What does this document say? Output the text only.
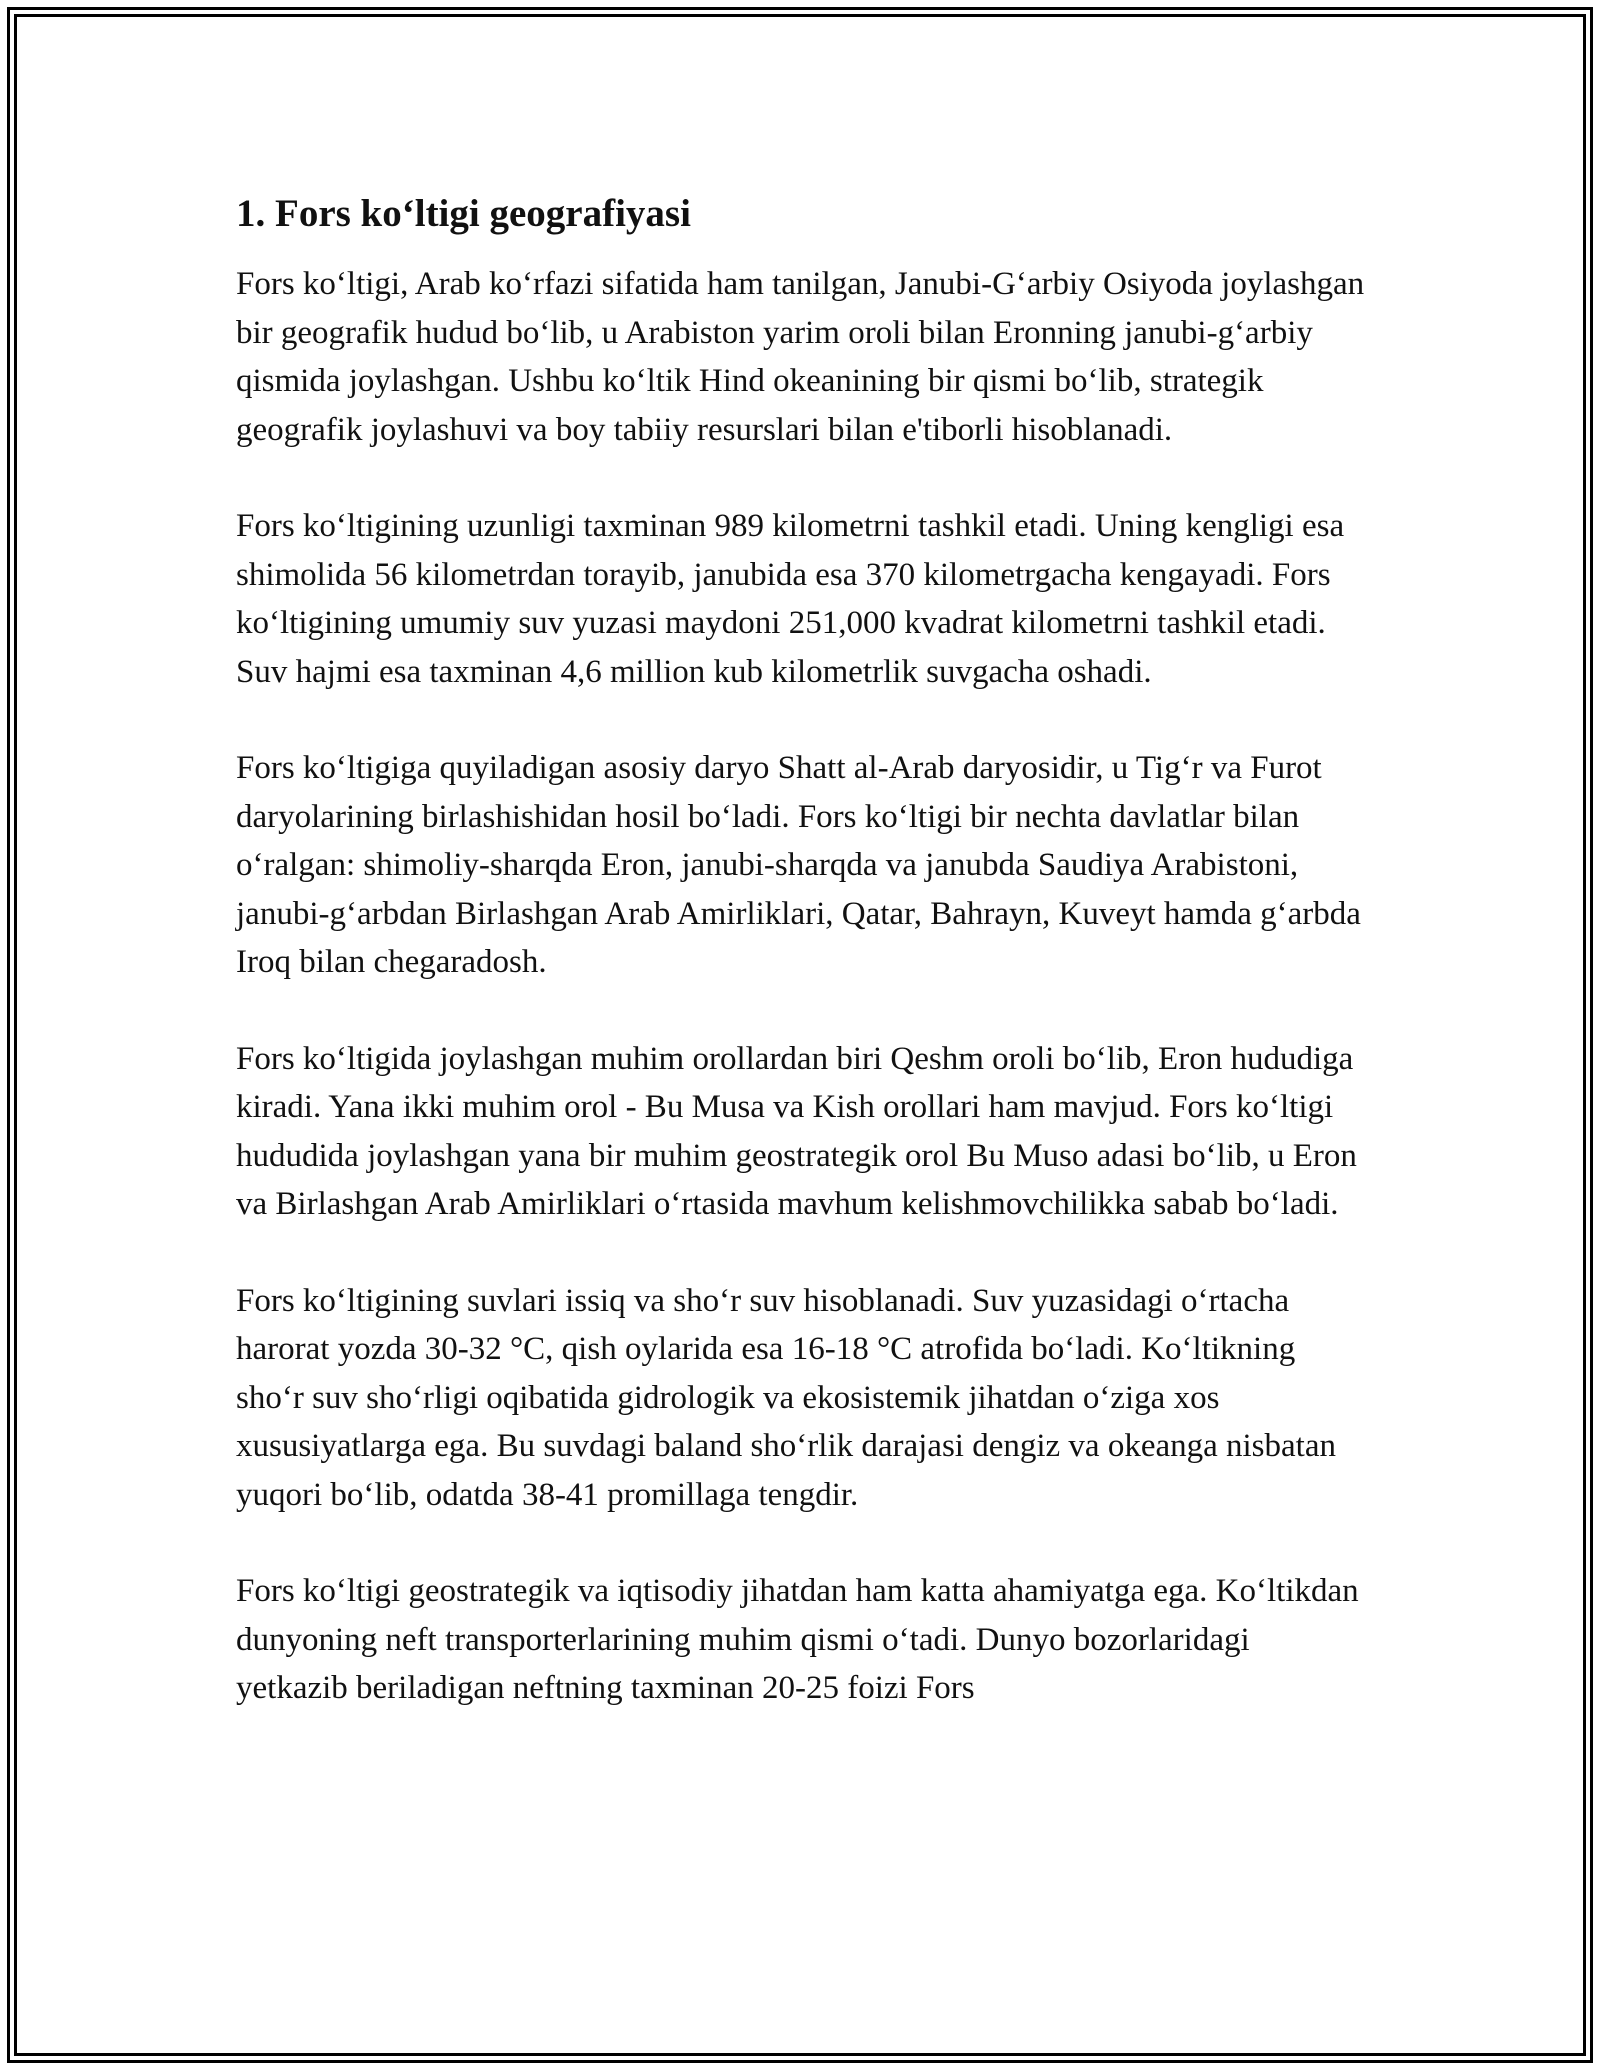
1. Fors ko‘ltigi geografiyasi

Fors ko‘ltigi, Arab ko‘rfazi sifatida ham tanilgan, Janubi-G‘arbiy Osiyoda joylashgan bir geografik hudud bo‘lib, u Arabiston yarim oroli bilan Eronning janubi-g‘arbiy qismida joylashgan. Ushbu ko‘ltik Hind okeanining bir qismi bo‘lib, strategik geografik joylashuvi va boy tabiiy resurslari bilan e'tiborli hisoblanadi.

Fors ko‘ltigining uzunligi taxminan 989 kilometrni tashkil etadi. Uning kengligi esa shimolida 56 kilometrdan torayib, janubida esa 370 kilometrgacha kengayadi. Fors ko‘ltigining umumiy suv yuzasi maydoni 251,000 kvadrat kilometrni tashkil etadi. Suv hajmi esa taxminan 4,6 million kub kilometrlik suvgacha oshadi.

Fors ko‘ltigiga quyiladigan asosiy daryo Shatt al-Arab daryosidir, u Tig‘r va Furot daryolarining birlashishidan hosil bo‘ladi. Fors ko‘ltigi bir nechta davlatlar bilan o‘ralgan: shimoliy-sharqda Eron, janubi-sharqda va janubda Saudiya Arabistoni, janubi-g‘arbdan Birlashgan Arab Amirliklari, Qatar, Bahrayn, Kuveyt hamda g‘arbda Iroq bilan chegaradosh.

Fors ko‘ltigida joylashgan muhim orollardan biri Qeshm oroli bo‘lib, Eron hududiga kiradi. Yana ikki muhim orol - Bu Musa va Kish orollari ham mavjud. Fors ko‘ltigi hududida joylashgan yana bir muhim geostrategik orol Bu Muso adasi bo‘lib, u Eron va Birlashgan Arab Amirliklari o‘rtasida mavhum kelishmovchilikka sabab bo‘ladi.

Fors ko‘ltigining suvlari issiq va sho‘r suv hisoblanadi. Suv yuzasidagi o‘rtacha harorat yozda 30-32 °C, qish oylarida esa 16-18 °C atrofida bo‘ladi. Ko‘ltikning sho‘r suv sho‘rligi oqibatida gidrologik va ekosistemik jihatdan o‘ziga xos xususiyatlarga ega. Bu suvdagi baland sho‘rlik darajasi dengiz va okeanga nisbatan yuqori bo‘lib, odatda 38-41 promillaga tengdir.

Fors ko‘ltigi geostrategik va iqtisodiy jihatdan ham katta ahamiyatga ega. Ko‘ltikdan dunyoning neft transporterlarining muhim qismi o‘tadi. Dunyo bozorlaridagi yetkazib beriladigan neftning taxminan 20-25 foizi Fors
